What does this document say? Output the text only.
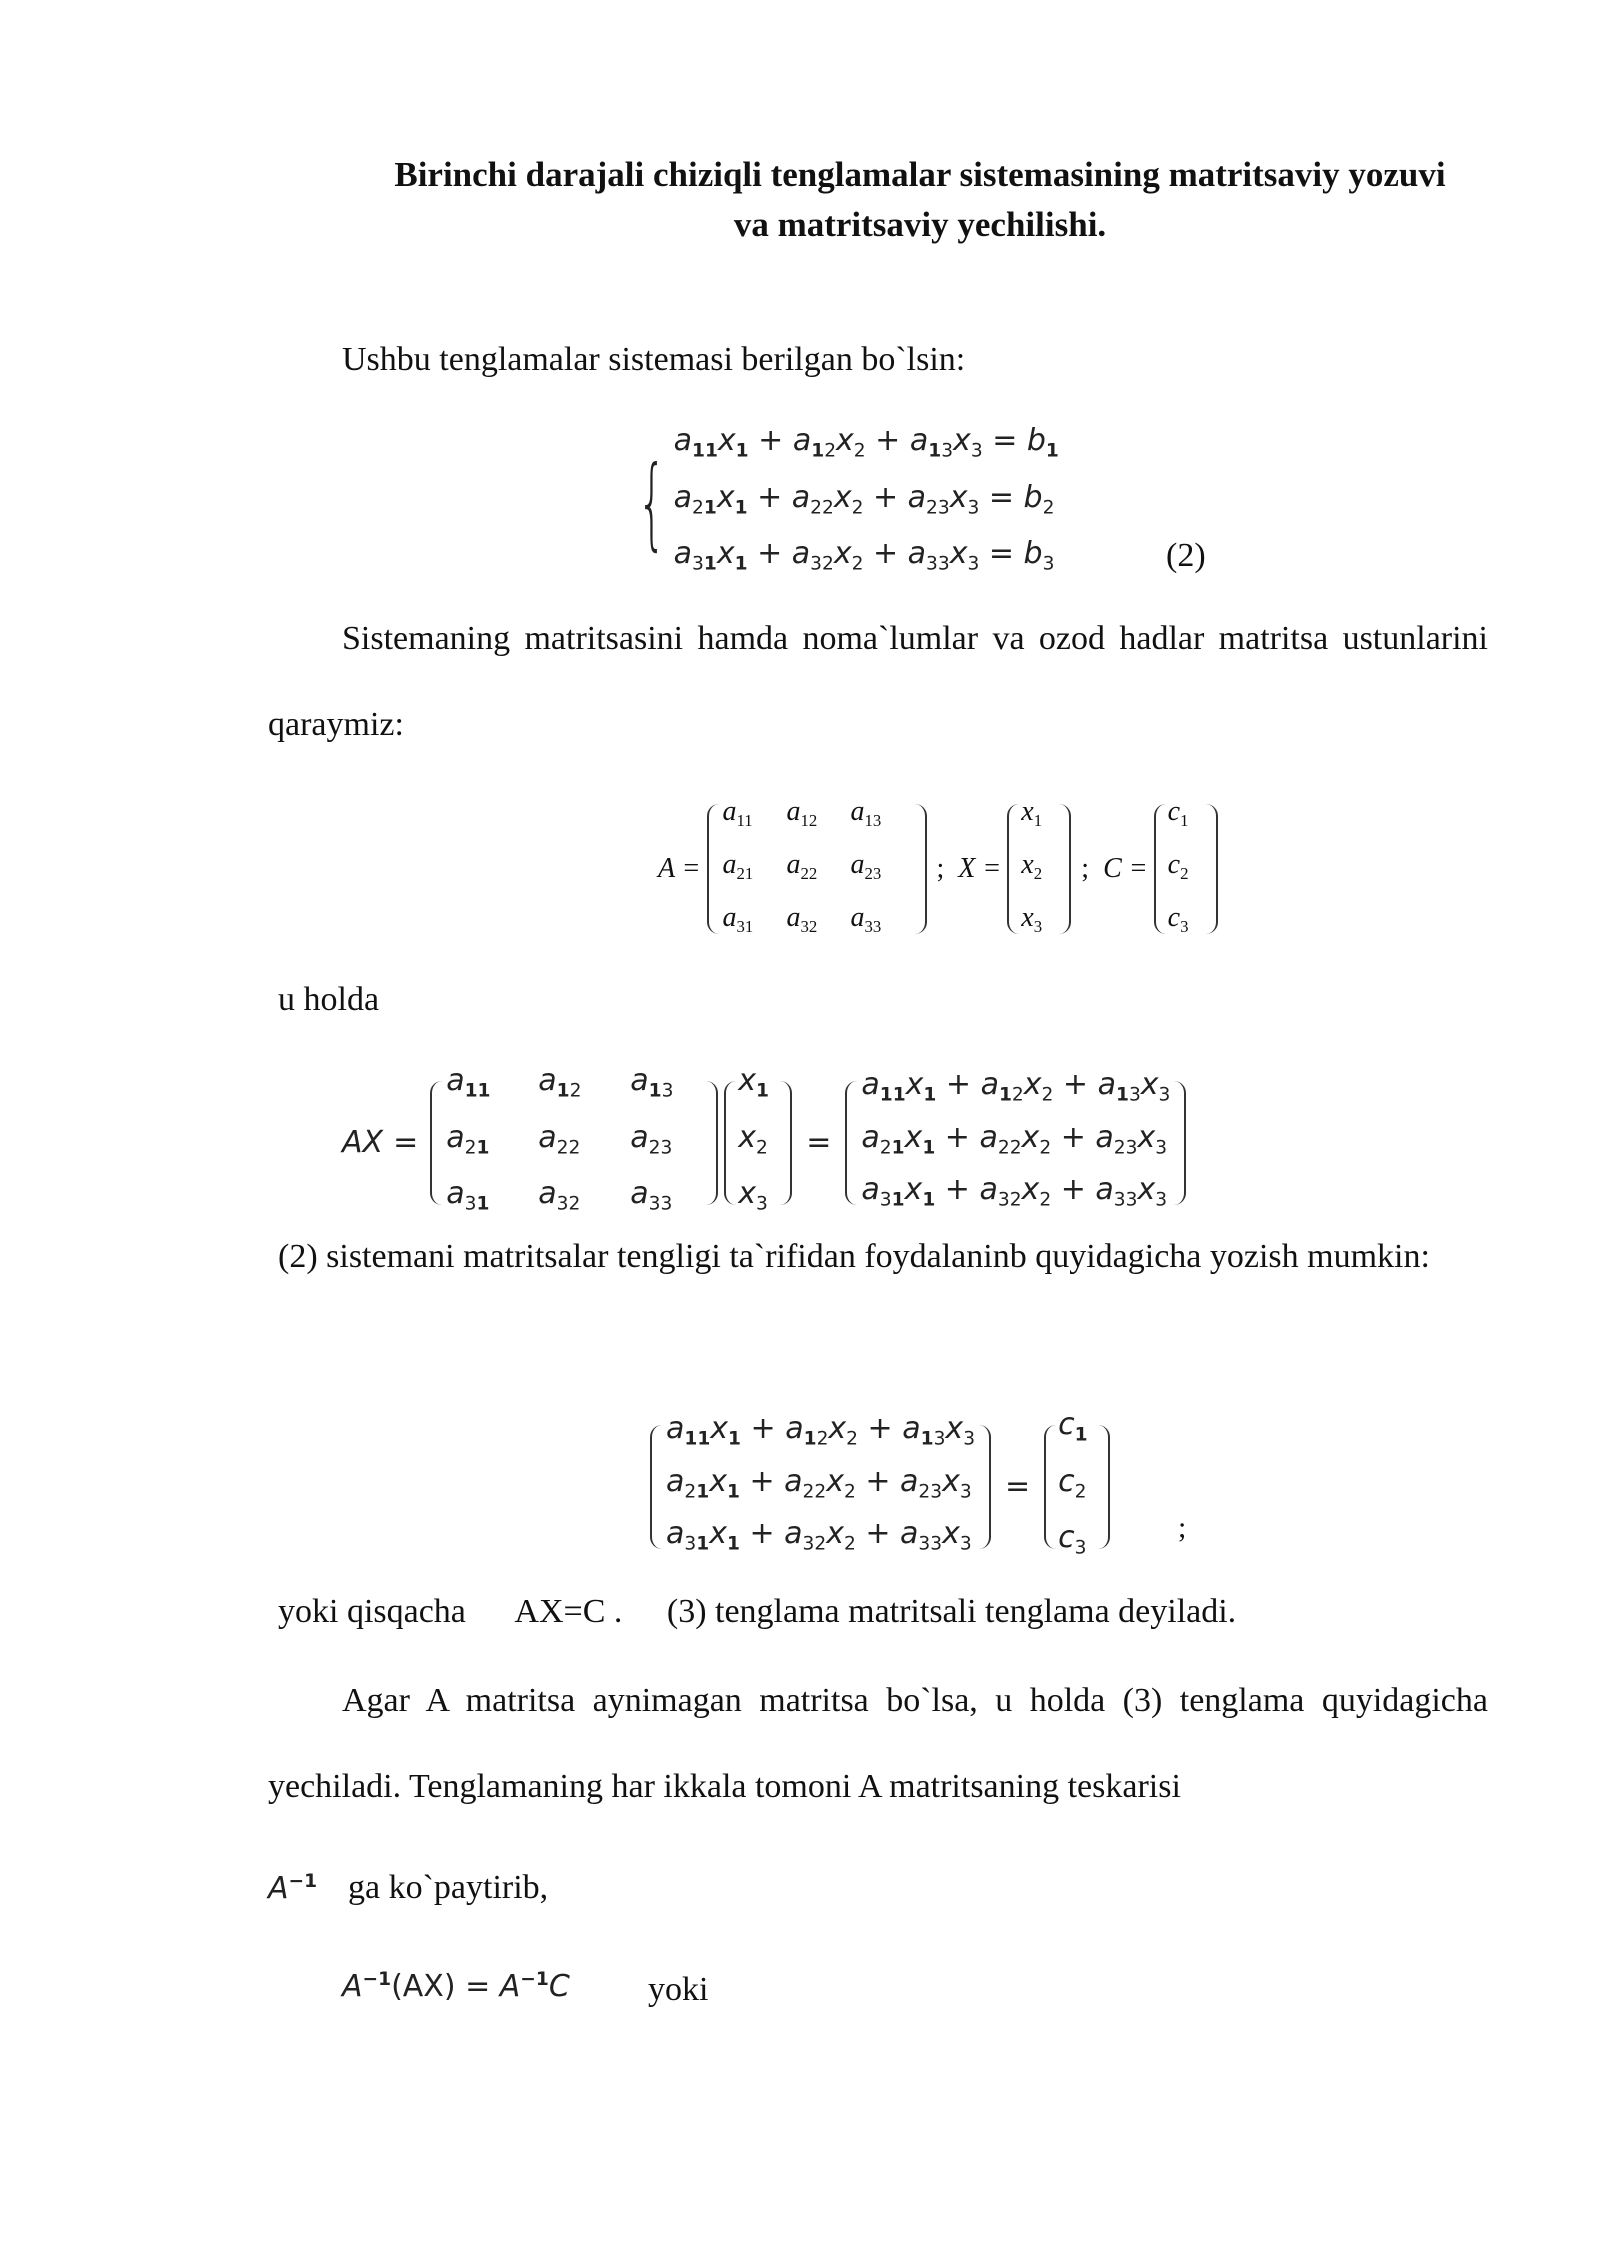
Birinchi darajali chiziqli tenglamalar sistemasining matritsaviy yozuvi
va matritsaviy yechilishi.
Ushbu tenglamalar sistemasi berilgan bo`lsin:
{
$a_{11}x_1 + a_{12}x_2 + a_{13}x_3 = b_1$
$a_{21}x_1 + a_{22}x_2 + a_{23}x_3 = b_2$
$a_{31}x_1 + a_{32}x_2 + a_{33}x_3 = b_3$	(2)
Sistemaning matritsasini hamda noma`lumlar va ozod hadlar matritsa ustunlarini qaraymiz:
A =
$a_{11}$	$a_{12}$	$a_{13}$
$a_{21}$	$a_{22}$	$a_{23}$
$a_{31}$	$a_{32}$	$a_{33}$
; X =
$x_1$
$x_2$
$x_3$
; C =
$c_1$
$c_2$
$c_3$
u holda
AX =
$a_{11}$	$a_{12}$	$a_{13}$
$a_{21}$	$a_{22}$	$a_{23}$
$a_{31}$	$a_{32}$	$a_{33}$
$x_1$
$x_2$
$x_3$
=
$a_{11}x_1 + a_{12}x_2 + a_{13}x_3$
$a_{21}x_1 + a_{22}x_2 + a_{23}x_3$
$a_{31}x_1 + a_{32}x_2 + a_{33}x_3$
(2) sistemani matritsalar tengligi ta`rifidan foydalaninb quyidagicha yozish mumkin:
$a_{11}x_1 + a_{12}x_2 + a_{13}x_3$
$a_{21}x_1 + a_{22}x_2 + a_{23}x_3$
$a_{31}x_1 + a_{32}x_2 + a_{33}x_3$
=
$c_1$
$c_2$
$c_3$
;
yoki qisqacha AX=C . (3) tenglama matritsali tenglama deyiladi.
Agar A matritsa aynimagan matritsa bo`lsa, u holda (3) tenglama quyidagicha yechiladi. Tenglamaning har ikkala tomoni A matritsaning teskarisi
$A^{-1}$ ga ko`paytirib,
$A^{-1}(AX) = A^{-1}C$ yoki
